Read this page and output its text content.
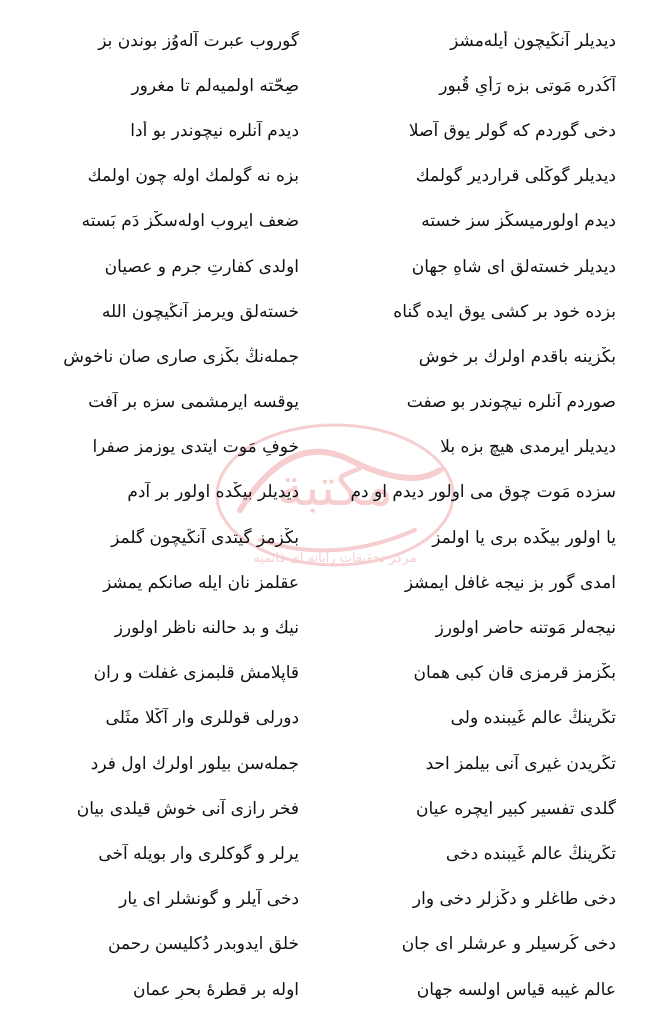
مكتبة
مرکز تحقیقات رایانه ای قائمیه
دیدیلر آنڭیچون أیلەمشز
گوروب عبرت آلەوُز بوندن بز
آکُدرە مَوتی بزە رَأیِ قُبور
صِحّتە اولمیەلم تا مغرور
دخی گوردم کە گولر یوق آصلا
دیدم آنلرە نیچوندر بو أدا
دیدیلر گوکْلی قراردیر گولمك
بزە نە گولمك اولە چون اولمك
دیدم اولورمیسکْز سز خستە
ضعف ایروب اولەسکْز دَم بَستە
دیدیلر خستەلق ای شاهِ جهان
اولدی کفارتِ جرم و عصیان
بزدە خود بر کشی یوق ایدە گناه
خستەلق ویرمز آنڭیچون الله
بکْزینە باقدم اولرك بر خوش
جملەنڭ بکْزی صاری صان ناخوش
صوردم آنلرە نیچوندر بو صفت
یوقسە ایرمشمی سزە بر آفت
دیدیلر ایرمدی هیچ بزە بلا
خوفِ مَوت ایتدی یوزمز صفرا
سزدە مَوت چوق می اولور دیدم او دم
دیدیلر بیکْدە اولور بر آدم
یا اولور بیکْدە بری یا اولمز
بکْزمز گیتدی آنڭیچون گلمز
امدی گور بز نیجە غافل ایمشز
عقلمز نان ایلە صانکم یمشز
نیجەلر مَوتنە حاضر اولورز
نیك و بد حالنە ناظر اولورز
بکْزمز قرمزی قان کبی همان
قاپلامش قلبمزی غفلت و ران
تڭرینڭ عالمِ غَیبندە ولی
دورلی قوللری وار آکْلا مثَلی
تڭریدن غیری آنی بیلمز احد
جملەسن بیلور اولرك اول فرد
گلدی تفسیر کبیر ایچرە عیان
فخر رازی آنی خوش قیلدی بیان
تڭرینڭ عالمِ غَیبندە دخی
یرلر و گوکلری وار بویلە آخی
دخی طاغلر و دکْزلر دخی وار
دخی آیلر و گونشلر ای یار
دخی کُرسیلر و عرشلر ای جان
خلق ایدوبدر دُکلیسن رحمن
عالمِ غیبە قیاس اولسە جهان
اولە بر قطرۀ بحرِ عمان
